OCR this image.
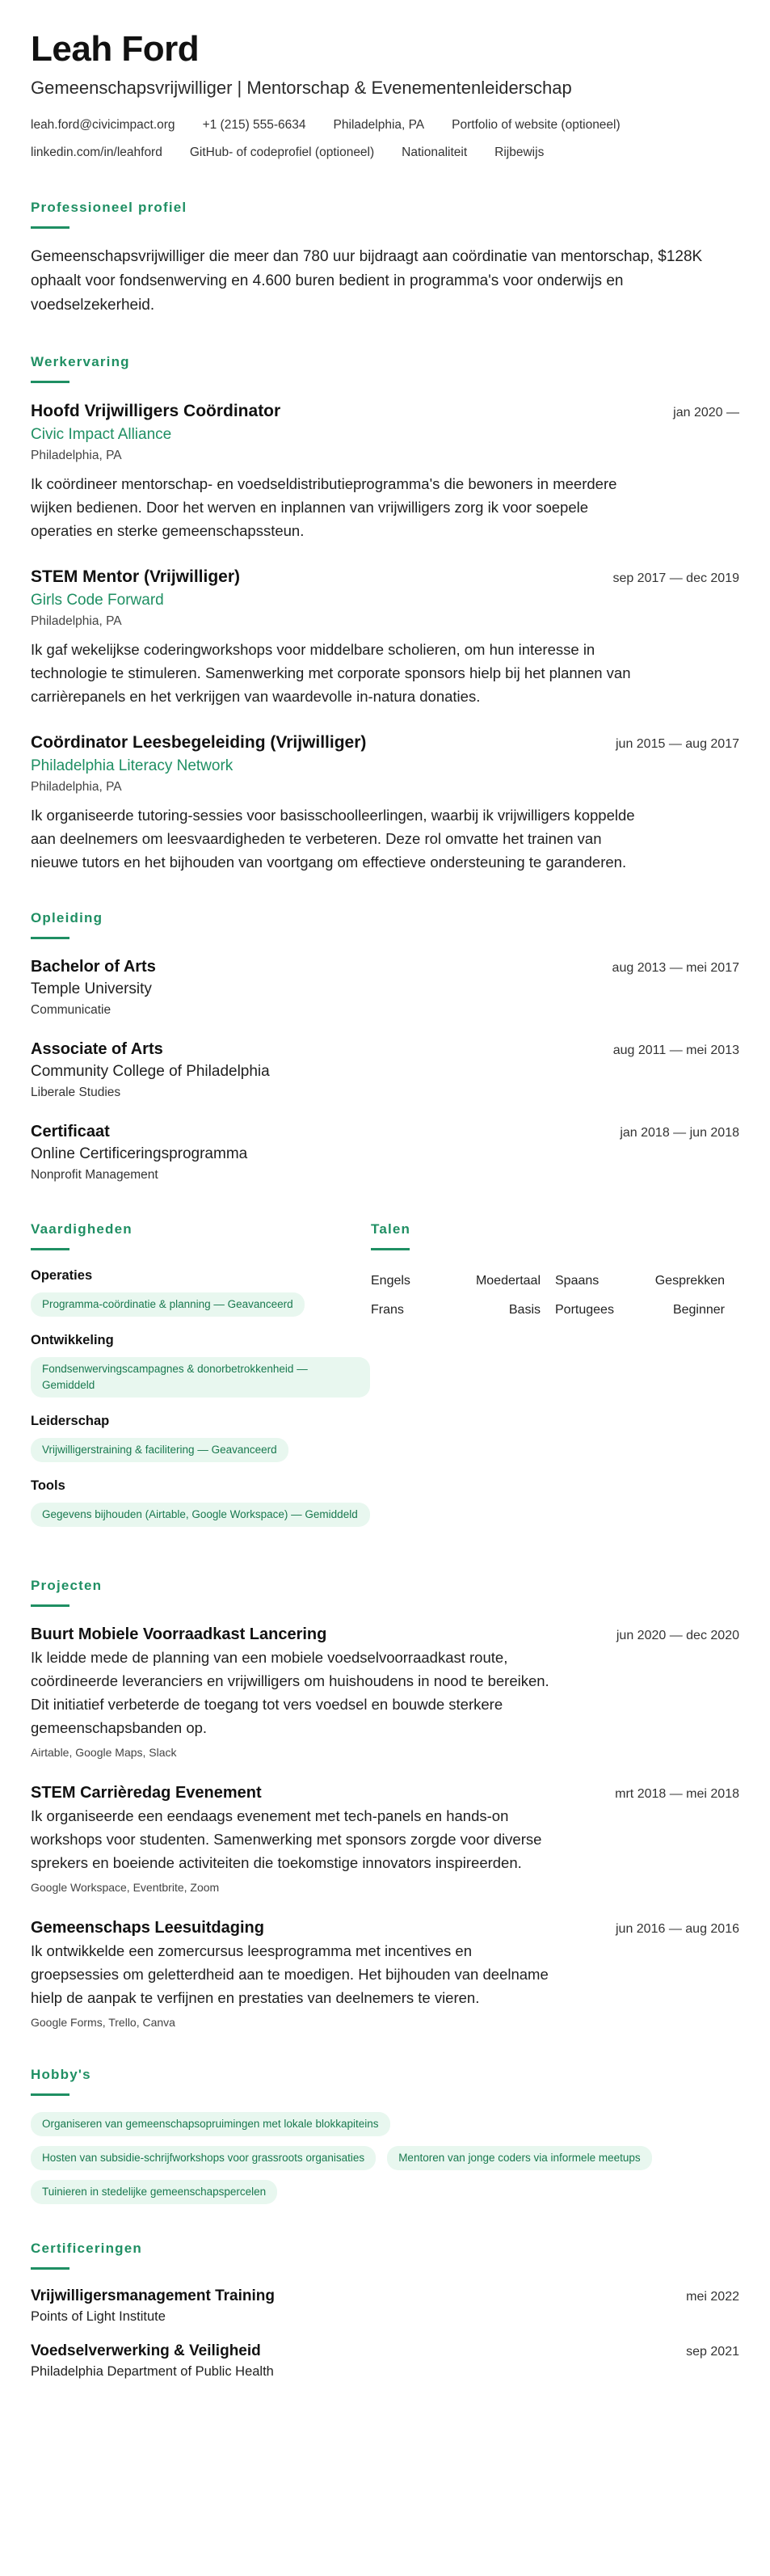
Leah Ford
Gemeenschapsvrijwilliger | Mentorschap & Evenementenleiderschap
leah.ford@civicimpact.org +1 (215) 555-6634 Philadelphia, PA Portfolio of website (optioneel)
linkedin.com/in/leahford GitHub- of codeprofiel (optioneel) Nationaliteit Rijbewijs
Professioneel profiel
Gemeenschapsvrijwilliger die meer dan 780 uur bijdraagt aan coördinatie van mentorschap, $128K ophaalt voor fondsenwerving en 4.600 buren bedient in programma's voor onderwijs en voedselzekerheid.
Werkervaring
Hoofd Vrijwilligers Coördinator	jan 2020 —
Civic Impact Alliance
Philadelphia, PA
Ik coördineer mentorschap- en voedseldistributieprogramma's die bewoners in meerdere wijken bedienen. Door het werven en inplannen van vrijwilligers zorg ik voor soepele operaties en sterke gemeenschapssteun.
STEM Mentor (Vrijwilliger)	sep 2017 — dec 2019
Girls Code Forward
Philadelphia, PA
Ik gaf wekelijkse coderingworkshops voor middelbare scholieren, om hun interesse in technologie te stimuleren. Samenwerking met corporate sponsors hielp bij het plannen van carrièrepanels en het verkrijgen van waardevolle in-natura donaties.
Coördinator Leesbegeleiding (Vrijwilliger)	jun 2015 — aug 2017
Philadelphia Literacy Network
Philadelphia, PA
Ik organiseerde tutoring-sessies voor basisschoolleerlingen, waarbij ik vrijwilligers koppelde aan deelnemers om leesvaardigheden te verbeteren. Deze rol omvatte het trainen van nieuwe tutors en het bijhouden van voortgang om effectieve ondersteuning te garanderen.
Opleiding
Bachelor of Arts	aug 2013 — mei 2017
Temple University
Communicatie
Associate of Arts	aug 2011 — mei 2013
Community College of Philadelphia
Liberale Studies
Certificaat	jan 2018 — jun 2018
Online Certificeringsprogramma
Nonprofit Management
Vaardigheden
Operaties
Programma-coördinatie & planning — Geavanceerd
Ontwikkeling
Fondsenwervingscampagnes & donorbetrokkenheid — Gemiddeld
Leiderschap
Vrijwilligerstraining & facilitering — Geavanceerd
Tools
Gegevens bijhouden (Airtable, Google Workspace) — Gemiddeld
Talen
Engels	Moedertaal Spaans	Gesprekken
Frans	Basis Portugees	Beginner
Projecten
Buurt Mobiele Voorraadkast Lancering	jun 2020 — dec 2020
Ik leidde mede de planning van een mobiele voedselvoorraadkast route, coördineerde leveranciers en vrijwilligers om huishoudens in nood te bereiken. Dit initiatief verbeterde de toegang tot vers voedsel en bouwde sterkere gemeenschapsbanden op.
Airtable, Google Maps, Slack
STEM Carrièredag Evenement	mrt 2018 — mei 2018
Ik organiseerde een eendaags evenement met tech-panels en hands-on workshops voor studenten. Samenwerking met sponsors zorgde voor diverse sprekers en boeiende activiteiten die toekomstige innovators inspireerden.
Google Workspace, Eventbrite, Zoom
Gemeenschaps Leesuitdaging	jun 2016 — aug 2016
Ik ontwikkelde een zomercursus leesprogramma met incentives en groepsessies om geletterdheid aan te moedigen. Het bijhouden van deelname hielp de aanpak te verfijnen en prestaties van deelnemers te vieren.
Google Forms, Trello, Canva
Hobby's
Organiseren van gemeenschapsopruimingen met lokale blokkapiteins
Hosten van subsidie-schrijfworkshops voor grassroots organisaties	Mentoren van jonge coders via informele meetups
Tuinieren in stedelijke gemeenschapspercelen
Certificeringen
Vrijwilligersmanagement Training	mei 2022
Points of Light Institute
Voedselverwerking & Veiligheid	sep 2021
Philadelphia Department of Public Health
